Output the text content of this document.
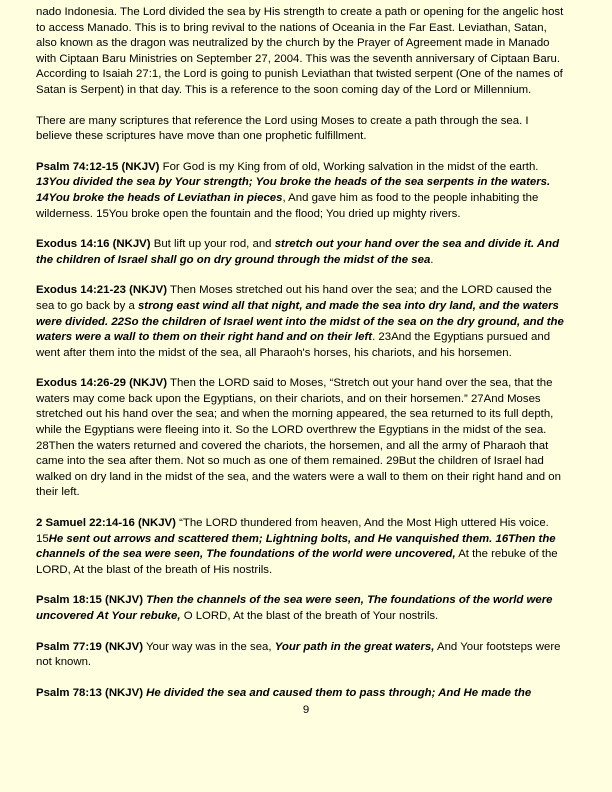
nado Indonesia. The Lord divided the sea by His strength to create a path or opening for the angelic host to access Manado. This is to bring revival to the nations of Oceania in the Far East. Leviathan, Satan, also known as the dragon was neutralized by the church by the Prayer of Agreement made in Manado with Ciptaan Baru Ministries on September 27, 2004. This was the seventh anniversary of Ciptaan Baru. According to Isaiah 27:1, the Lord is going to punish Leviathan that twisted serpent (One of the names of Satan is Serpent) in that day. This is a reference to the soon coming day of the Lord or Millennium.

There are many scriptures that reference the Lord using Moses to create a path through the sea. I believe these scriptures have move than one prophetic fulfillment.

Psalm 74:12-15 (NKJV) For God is my King from of old, Working salvation in the midst of the earth. 13You divided the sea by Your strength; You broke the heads of the sea serpents in the waters. 14You broke the heads of Leviathan in pieces, And gave him as food to the people inhabiting the wilderness. 15You broke open the fountain and the flood; You dried up mighty rivers.

Exodus 14:16 (NKJV) But lift up your rod, and stretch out your hand over the sea and divide it. And the children of Israel shall go on dry ground through the midst of the sea.

Exodus 14:21-23 (NKJV) Then Moses stretched out his hand over the sea; and the LORD caused the sea to go back by a strong east wind all that night, and made the sea into dry land, and the waters were divided. 22So the children of Israel went into the midst of the sea on the dry ground, and the waters were a wall to them on their right hand and on their left. 23And the Egyptians pursued and went after them into the midst of the sea, all Pharaoh's horses, his chariots, and his horsemen.

Exodus 14:26-29 (NKJV) Then the LORD said to Moses, “Stretch out your hand over the sea, that the waters may come back upon the Egyptians, on their chariots, and on their horsemen.” 27And Moses stretched out his hand over the sea; and when the morning appeared, the sea returned to its full depth, while the Egyptians were fleeing into it. So the LORD overthrew the Egyptians in the midst of the sea. 28Then the waters returned and covered the chariots, the horsemen, and all the army of Pharaoh that came into the sea after them. Not so much as one of them remained. 29But the children of Israel had walked on dry land in the midst of the sea, and the waters were a wall to them on their right hand and on their left.

2 Samuel 22:14-16 (NKJV) “The LORD thundered from heaven, And the Most High uttered His voice. 15He sent out arrows and scattered them; Lightning bolts, and He vanquished them. 16Then the channels of the sea were seen, The foundations of the world were uncovered, At the rebuke of the LORD, At the blast of the breath of His nostrils.

Psalm 18:15 (NKJV) Then the channels of the sea were seen, The foundations of the world were uncovered At Your rebuke, O LORD, At the blast of the breath of Your nostrils.

Psalm 77:19 (NKJV) Your way was in the sea, Your path in the great waters, And Your footsteps were not known.

Psalm 78:13 (NKJV) He divided the sea and caused them to pass through; And He made the

9
